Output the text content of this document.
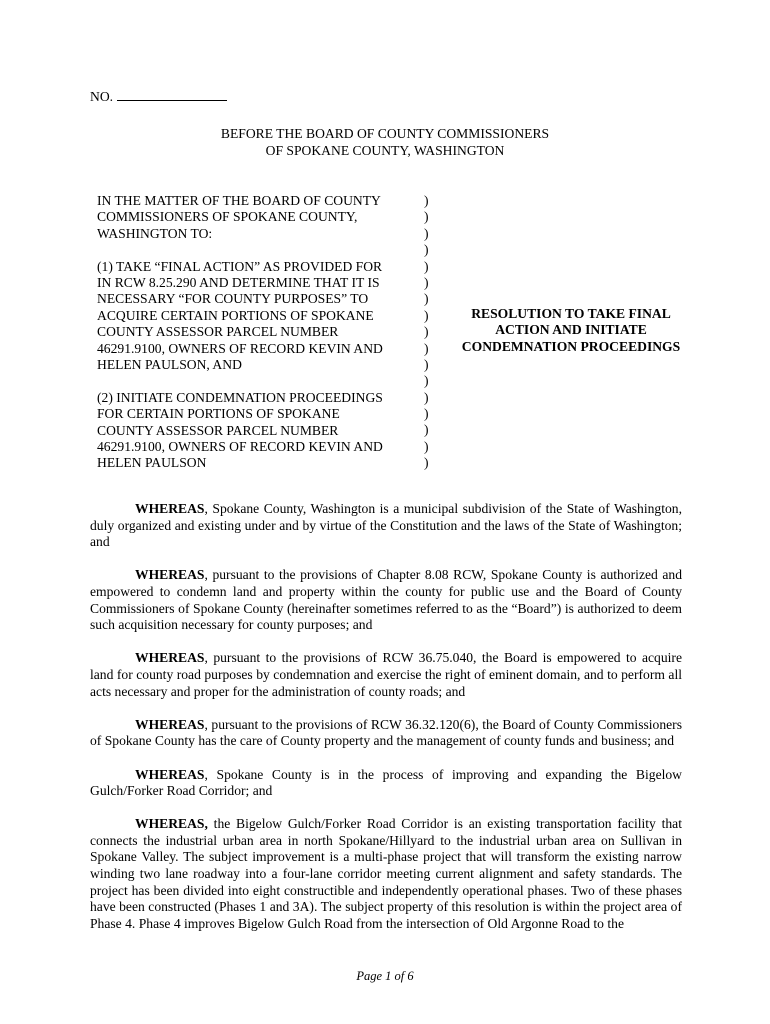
NO.
BEFORE THE BOARD OF COUNTY COMMISSIONERS
OF SPOKANE COUNTY, WASHINGTON
IN THE MATTER OF THE BOARD OF COUNTY
COMMISSIONERS OF SPOKANE COUNTY,
WASHINGTON TO:
(1) TAKE “FINAL ACTION” AS PROVIDED FOR
IN RCW 8.25.290 AND DETERMINE THAT IT IS
NECESSARY “FOR COUNTY PURPOSES” TO
ACQUIRE CERTAIN PORTIONS OF SPOKANE
COUNTY ASSESSOR PARCEL NUMBER
46291.9100, OWNERS OF RECORD KEVIN AND
HELEN PAULSON, AND
(2) INITIATE CONDEMNATION PROCEEDINGS
FOR CERTAIN PORTIONS OF SPOKANE
COUNTY ASSESSOR PARCEL NUMBER
46291.9100, OWNERS OF RECORD KEVIN AND
HELEN PAULSON
)
)
)
)
)
)
)
)
)
)
)
)
)
)
)
)
)
RESOLUTION TO TAKE FINAL
ACTION AND INITIATE
CONDEMNATION PROCEEDINGS

WHEREAS, Spokane County, Washington is a municipal subdivision of the State of Washington, duly organized and existing under and by virtue of the Constitution and the laws of the State of Washington; and

WHEREAS, pursuant to the provisions of Chapter 8.08 RCW, Spokane County is authorized and empowered to condemn land and property within the county for public use and the Board of County Commissioners of Spokane County (hereinafter sometimes referred to as the “Board”) is authorized to deem such acquisition necessary for county purposes; and

WHEREAS, pursuant to the provisions of RCW 36.75.040, the Board is empowered to acquire land for county road purposes by condemnation and exercise the right of eminent domain, and to perform all acts necessary and proper for the administration of county roads; and

WHEREAS, pursuant to the provisions of RCW 36.32.120(6), the Board of County Commissioners of Spokane County has the care of County property and the management of county funds and business; and

WHEREAS, Spokane County is in the process of improving and expanding the Bigelow Gulch/Forker Road Corridor; and

WHEREAS, the Bigelow Gulch/Forker Road Corridor is an existing transportation facility that connects the industrial urban area in north Spokane/Hillyard to the industrial urban area on Sullivan in Spokane Valley. The subject improvement is a multi-phase project that will transform the existing narrow winding two lane roadway into a four-lane corridor meeting current alignment and safety standards. The project has been divided into eight constructible and independently operational phases. Two of these phases have been constructed (Phases 1 and 3A). The subject property of this resolution is within the project area of Phase 4. Phase 4 improves Bigelow Gulch Road from the intersection of Old Argonne Road to the

Page 1 of 6
